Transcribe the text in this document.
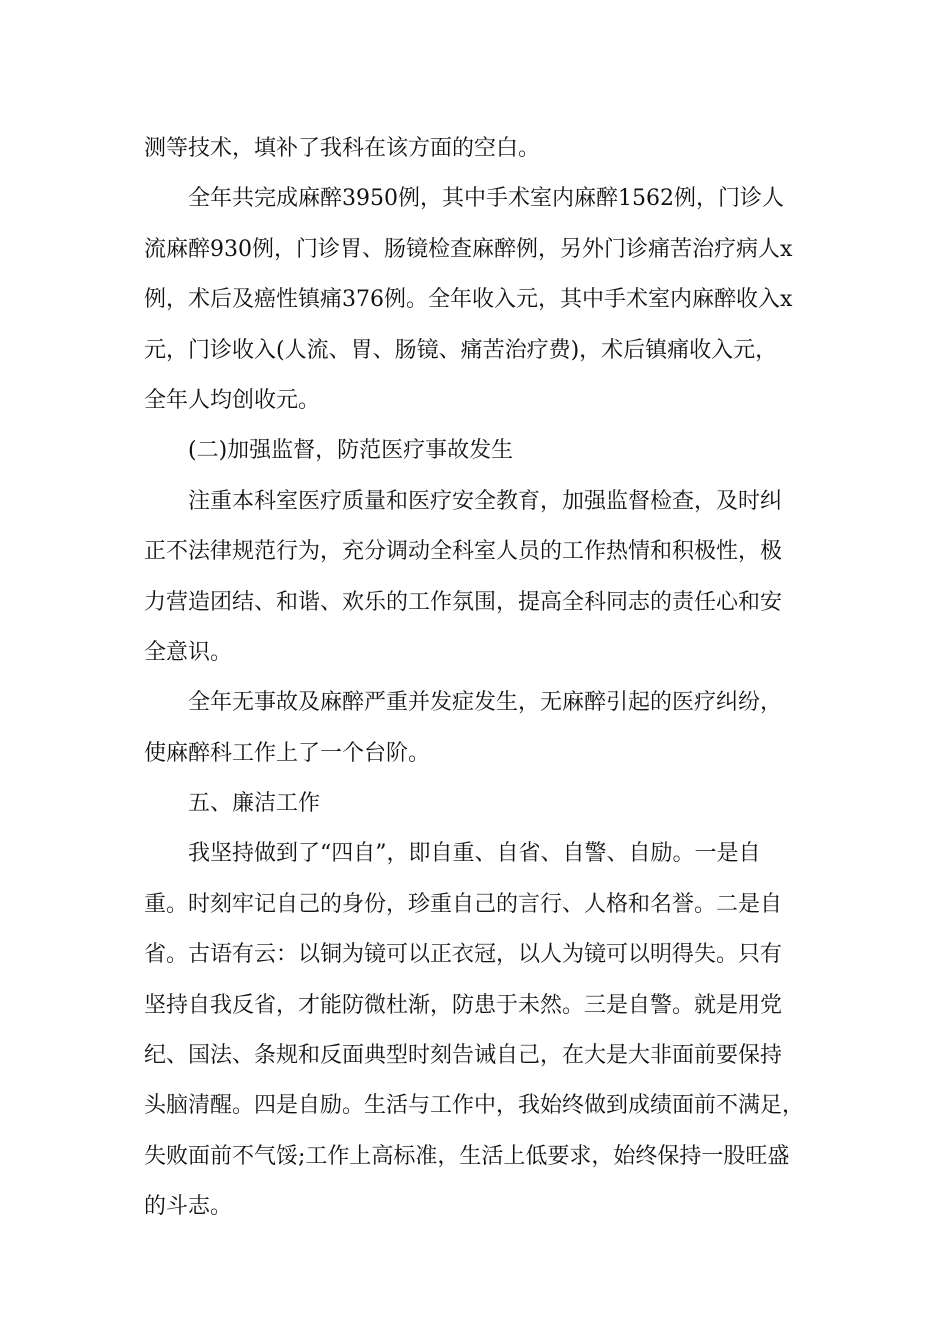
测等技术，填补了我科在该方面的空白。
全年共完成麻醉3950例，其中手术室内麻醉1562例，门诊人
流麻醉930例，门诊胃、肠镜检查麻醉例，另外门诊痛苦治疗病人x
例，术后及癌性镇痛376例。全年收入元，其中手术室内麻醉收入x
元，门诊收入(人流、胃、肠镜、痛苦治疗费)，术后镇痛收入元，
全年人均创收元。
(二)加强监督，防范医疗事故发生
注重本科室医疗质量和医疗安全教育，加强监督检查，及时纠
正不法律规范行为，充分调动全科室人员的工作热情和积极性，极
力营造团结、和谐、欢乐的工作氛围，提高全科同志的责任心和安
全意识。
全年无事故及麻醉严重并发症发生，无麻醉引起的医疗纠纷，
使麻醉科工作上了一个台阶。
五、廉洁工作
我坚持做到了“四自”，即自重、自省、自警、自励。一是自
重。时刻牢记自己的身份，珍重自己的言行、人格和名誉。二是自
省。古语有云：以铜为镜可以正衣冠，以人为镜可以明得失。只有
坚持自我反省，才能防微杜渐，防患于未然。三是自警。就是用党
纪、国法、条规和反面典型时刻告诫自己，在大是大非面前要保持
头脑清醒。四是自励。生活与工作中，我始终做到成绩面前不满足，
失败面前不气馁;工作上高标准，生活上低要求，始终保持一股旺盛
的斗志。
